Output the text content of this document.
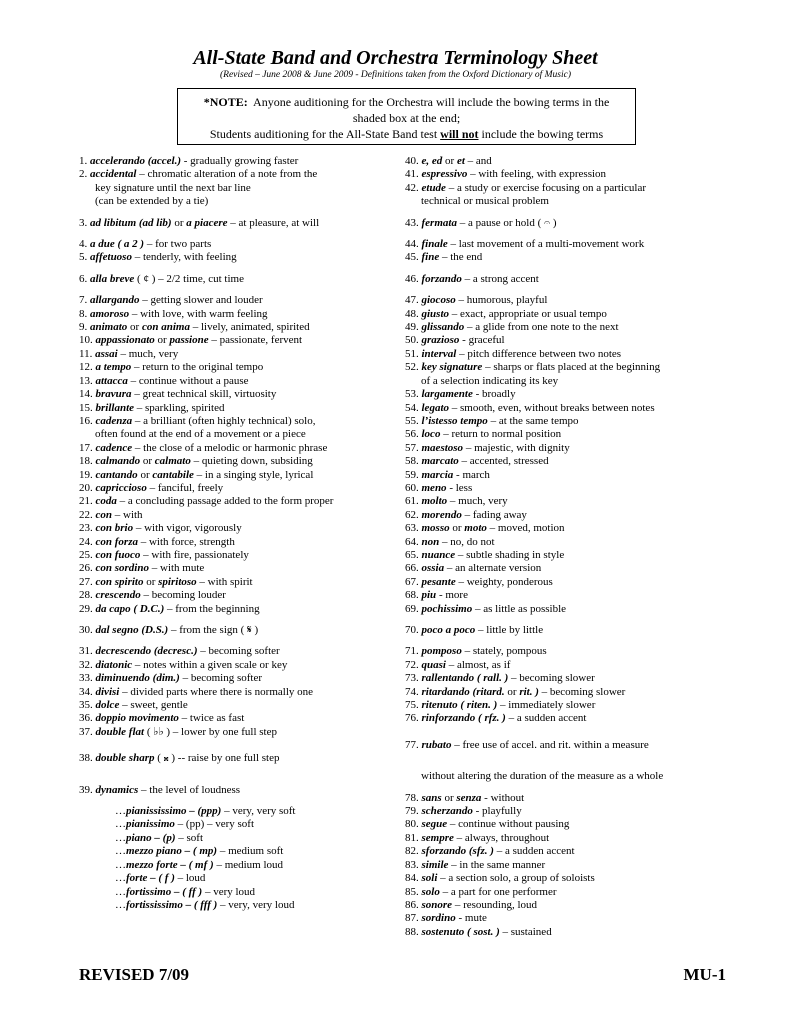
All-State Band and Orchestra Terminology Sheet
(Revised – June 2008 & June 2009 - Definitions taken from the Oxford Dictionary of Music)
*NOTE: Anyone auditioning for the Orchestra will include the bowing terms in the
shaded box at the end;
Students auditioning for the All-State Band test will not include the bowing terms
1. accelerando (accel.) - gradually growing faster
2. accidental – chromatic alteration of a note from the
key signature until the next bar line
(can be extended by a tie)
3. ad libitum (ad lib) or a piacere – at pleasure, at will
4. a due ( a 2 ) – for two parts
5. affetuoso – tenderly, with feeling
6. alla breve ( ¢ ) – 2/2 time, cut time
7. allargando – getting slower and louder
8. amoroso – with love, with warm feeling
9. animato or con anima – lively, animated, spirited
10. appassionato or passione – passionate, fervent
11. assai – much, very
12. a tempo – return to the original tempo
13. attacca – continue without a pause
14. bravura – great technical skill, virtuosity
15. brillante – sparkling, spirited
16. cadenza – a brilliant (often highly technical) solo,
often found at the end of a movement or a piece
17. cadence – the close of a melodic or harmonic phrase
18. calmando or calmato – quieting down, subsiding
19. cantando or cantabile – in a singing style, lyrical
20. capriccioso – fanciful, freely
21. coda – a concluding passage added to the form proper
22. con – with
23. con brio – with vigor, vigorously
24. con forza – with force, strength
25. con fuoco – with fire, passionately
26. con sordino – with mute
27. con spirito or spiritoso – with spirit
28. crescendo – becoming louder
29. da capo ( D.C.) – from the beginning
30. dal segno (D.S.) – from the sign ( 𝄋 )
31. decrescendo (decresc.) – becoming softer
32. diatonic – notes within a given scale or key
33. diminuendo (dim.) – becoming softer
34. divisi – divided parts where there is normally one
35. dolce – sweet, gentle
36. doppio movimento – twice as fast
37. double flat ( ♭♭ ) – lower by one full step
38. double sharp ( 𝄪 ) -- raise by one full step
39. dynamics – the level of loudness
…pianississimo – (ppp) – very, very soft
…pianissimo – (pp) – very soft
…piano – (p) – soft
…mezzo piano – ( mp) – medium soft
…mezzo forte – ( mf ) – medium loud
…forte – ( f ) – loud
…fortissimo – ( ff ) – very loud
…fortississimo – ( fff ) – very, very loud
40. e, ed or et – and
41. espressivo – with feeling, with expression
42. etude – a study or exercise focusing on a particular
technical or musical problem
43. fermata – a pause or hold ( 𝄐 )
44. finale – last movement of a multi-movement work
45. fine – the end
46. forzando – a strong accent
47. giocoso – humorous, playful
48. giusto – exact, appropriate or usual tempo
49. glissando – a glide from one note to the next
50. grazioso - graceful
51. interval – pitch difference between two notes
52. key signature – sharps or flats placed at the beginning
of a selection indicating its key
53. largamente - broadly
54. legato – smooth, even, without breaks between notes
55. l’istesso tempo – at the same tempo
56. loco – return to normal position
57. maestoso – majestic, with dignity
58. marcato – accented, stressed
59. marcia - march
60. meno - less
61. molto – much, very
62. morendo – fading away
63. mosso or moto – moved, motion
64. non – no, do not
65. nuance – subtle shading in style
66. ossia – an alternate version
67. pesante – weighty, ponderous
68. piu - more
69. pochissimo – as little as possible
70. poco a poco – little by little
71. pomposo – stately, pompous
72. quasi – almost, as if
73. rallentando ( rall. ) – becoming slower
74. ritardando (ritard. or rit. ) – becoming slower
75. ritenuto ( riten. ) – immediately slower
76. rinforzando ( rfz. ) – a sudden accent
77. rubato – free use of accel. and rit. within a measure
without altering the duration of the measure as a whole
78. sans or senza - without
79. scherzando - playfully
80. segue – continue without pausing
81. sempre – always, throughout
82. sforzando (sfz. ) – a sudden accent
83. simile – in the same manner
84. soli – a section solo, a group of soloists
85. solo – a part for one performer
86. sonore – resounding, loud
87. sordino - mute
88. sostenuto ( sost. ) – sustained
REVISED 7/09	MU-1
